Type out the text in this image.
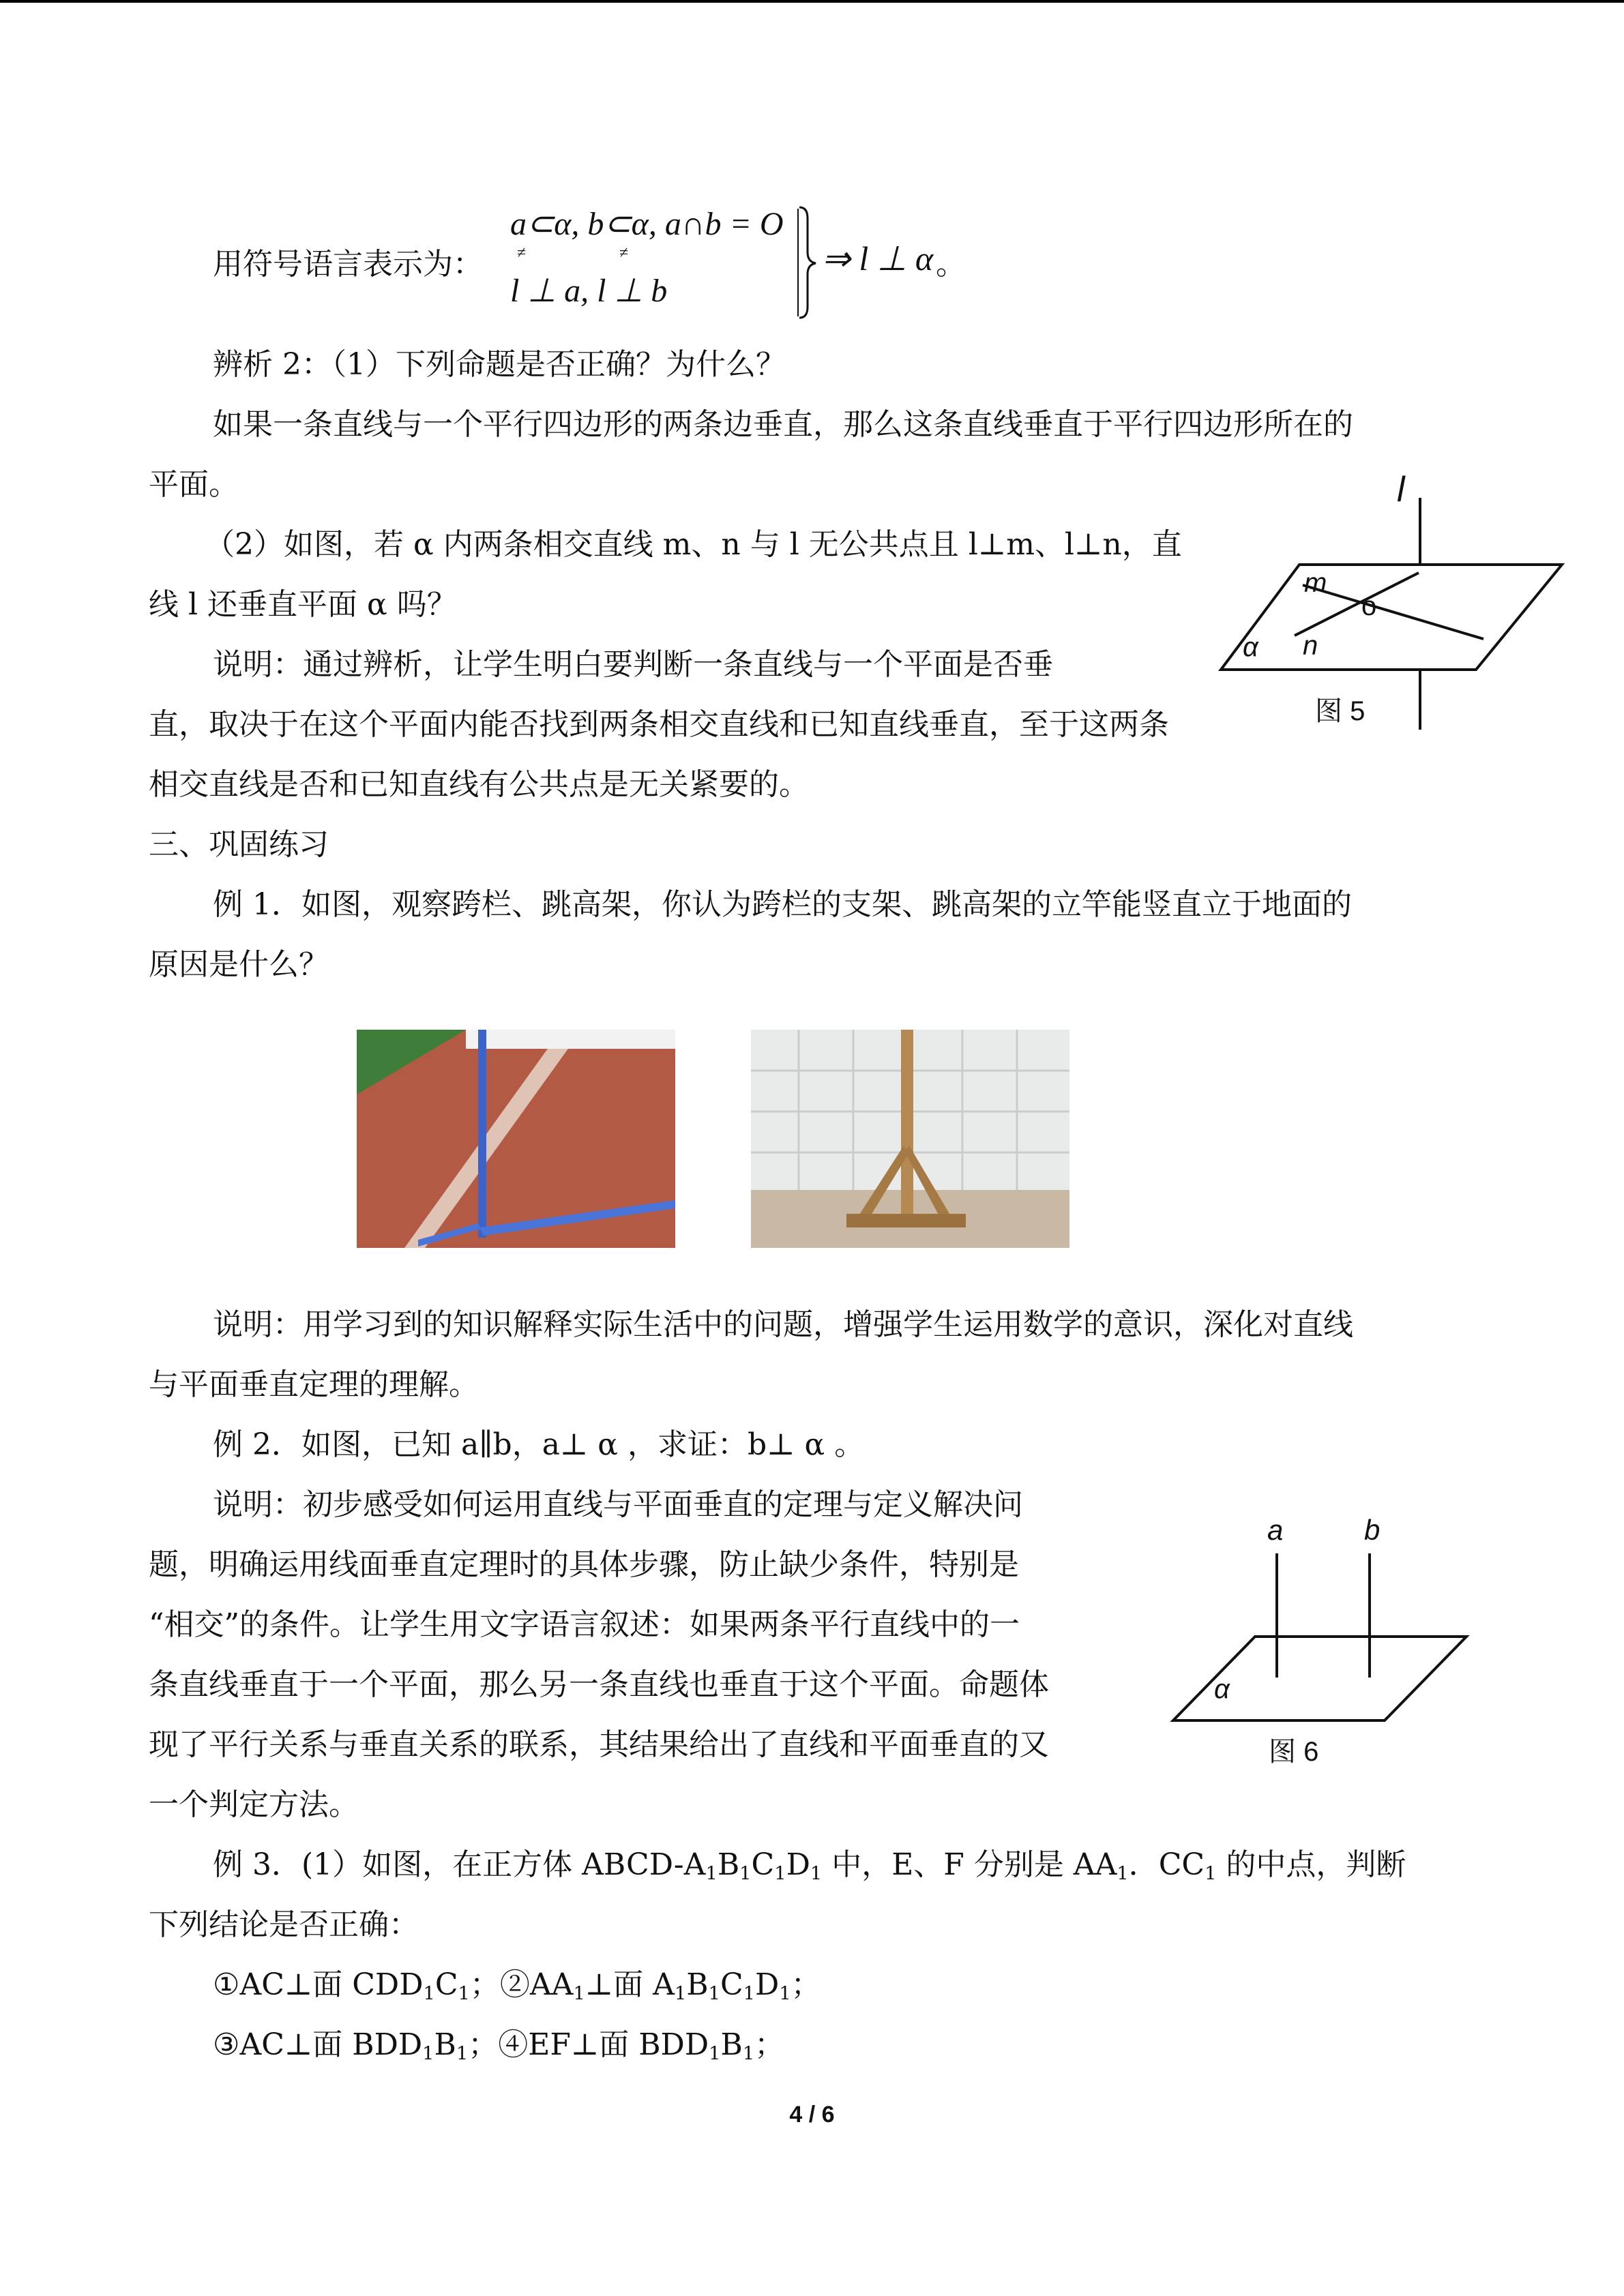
用符号语言表示为：
a⊂α, b⊂α, a∩b = O
≠	≠
l ⊥ a, l ⊥ b
⇒ l ⊥ α 。

辨析 2：（1）下列命题是否正确？为什么？

如果一条直线与一个平行四边形的两条边垂直，那么这条直线垂直于平行四边形所在的

平面。

（2）如图，若 α 内两条相交直线 m、n 与 l 无公共点且 l⊥m、l⊥n，直

线 l 还垂直平面 α 吗？

说明：通过辨析，让学生明白要判断一条直线与一个平面是否垂

直，取决于在这个平面内能否找到两条相交直线和已知直线垂直，至于这两条

相交直线是否和已知直线有公共点是无关紧要的。

l
m
o
n
α
图 5

三、巩固练习

例 1．如图，观察跨栏、跳高架，你认为跨栏的支架、跳高架的立竿能竖直立于地面的

原因是什么？

说明：用学习到的知识解释实际生活中的问题，增强学生运用数学的意识，深化对直线

与平面垂直定理的理解。

例 2．如图，已知 a∥b，a⊥ α ，求证：b⊥ α 。

说明：初步感受如何运用直线与平面垂直的定理与定义解决问

题，明确运用线面垂直定理时的具体步骤，防止缺少条件，特别是

“相交”的条件。让学生用文字语言叙述：如果两条平行直线中的一

条直线垂直于一个平面，那么另一条直线也垂直于这个平面。命题体

现了平行关系与垂直关系的联系，其结果给出了直线和平面垂直的又

一个判定方法。

a	b
α
图 6

例 3．(1）如图，在正方体 ABCD-$A_1B_1C_1D_1$ 中，E、F 分别是 $AA_1$．$CC_1$ 的中点，判断

下列结论是否正确：

①AC⊥面 $CDD_1C_1$；$②AA_1\perp$面 $A_1B_1C_1D_1$；

③AC⊥面 $BDD_1B_1$；④EF⊥面 $BDD_1B_1$；

4 / 6
